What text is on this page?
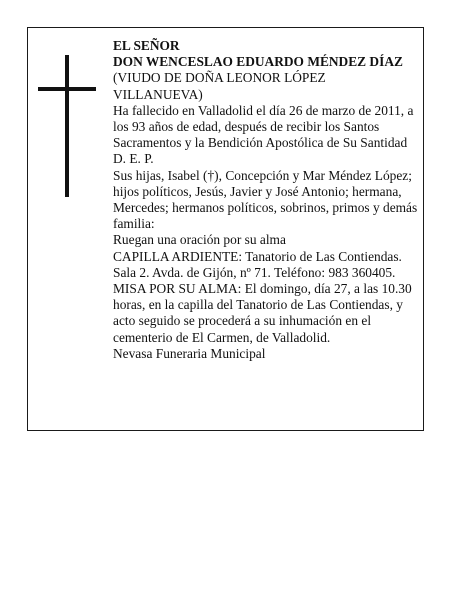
EL SEÑOR

DON WENCESLAO EDUARDO MÉNDEZ DÍAZ

(VIUDO DE DOÑA LEONOR LÓPEZ VILLANUEVA)

Ha fallecido en Valladolid el día 26 de marzo de 2011, a los 93 años de edad, después de recibir los Santos Sacramentos y la Bendición Apostólica de Su Santidad D. E. P.

Sus hijas, Isabel (†), Concepción y Mar Méndez López; hijos políticos, Jesús, Javier y José Antonio; hermana, Mercedes; hermanos políticos, sobrinos, primos y demás familia:

Ruegan una oración por su alma

CAPILLA ARDIENTE: Tanatorio de Las Contiendas. Sala 2. Avda. de Gijón, nº 71. Teléfono: 983 360405.

MISA POR SU ALMA: El domingo, día 27, a las 10.30 horas, en la capilla del Tanatorio de Las Contiendas, y acto seguido se procederá a su inhumación en el cementerio de El Carmen, de Valladolid.

Nevasa Funeraria Municipal
